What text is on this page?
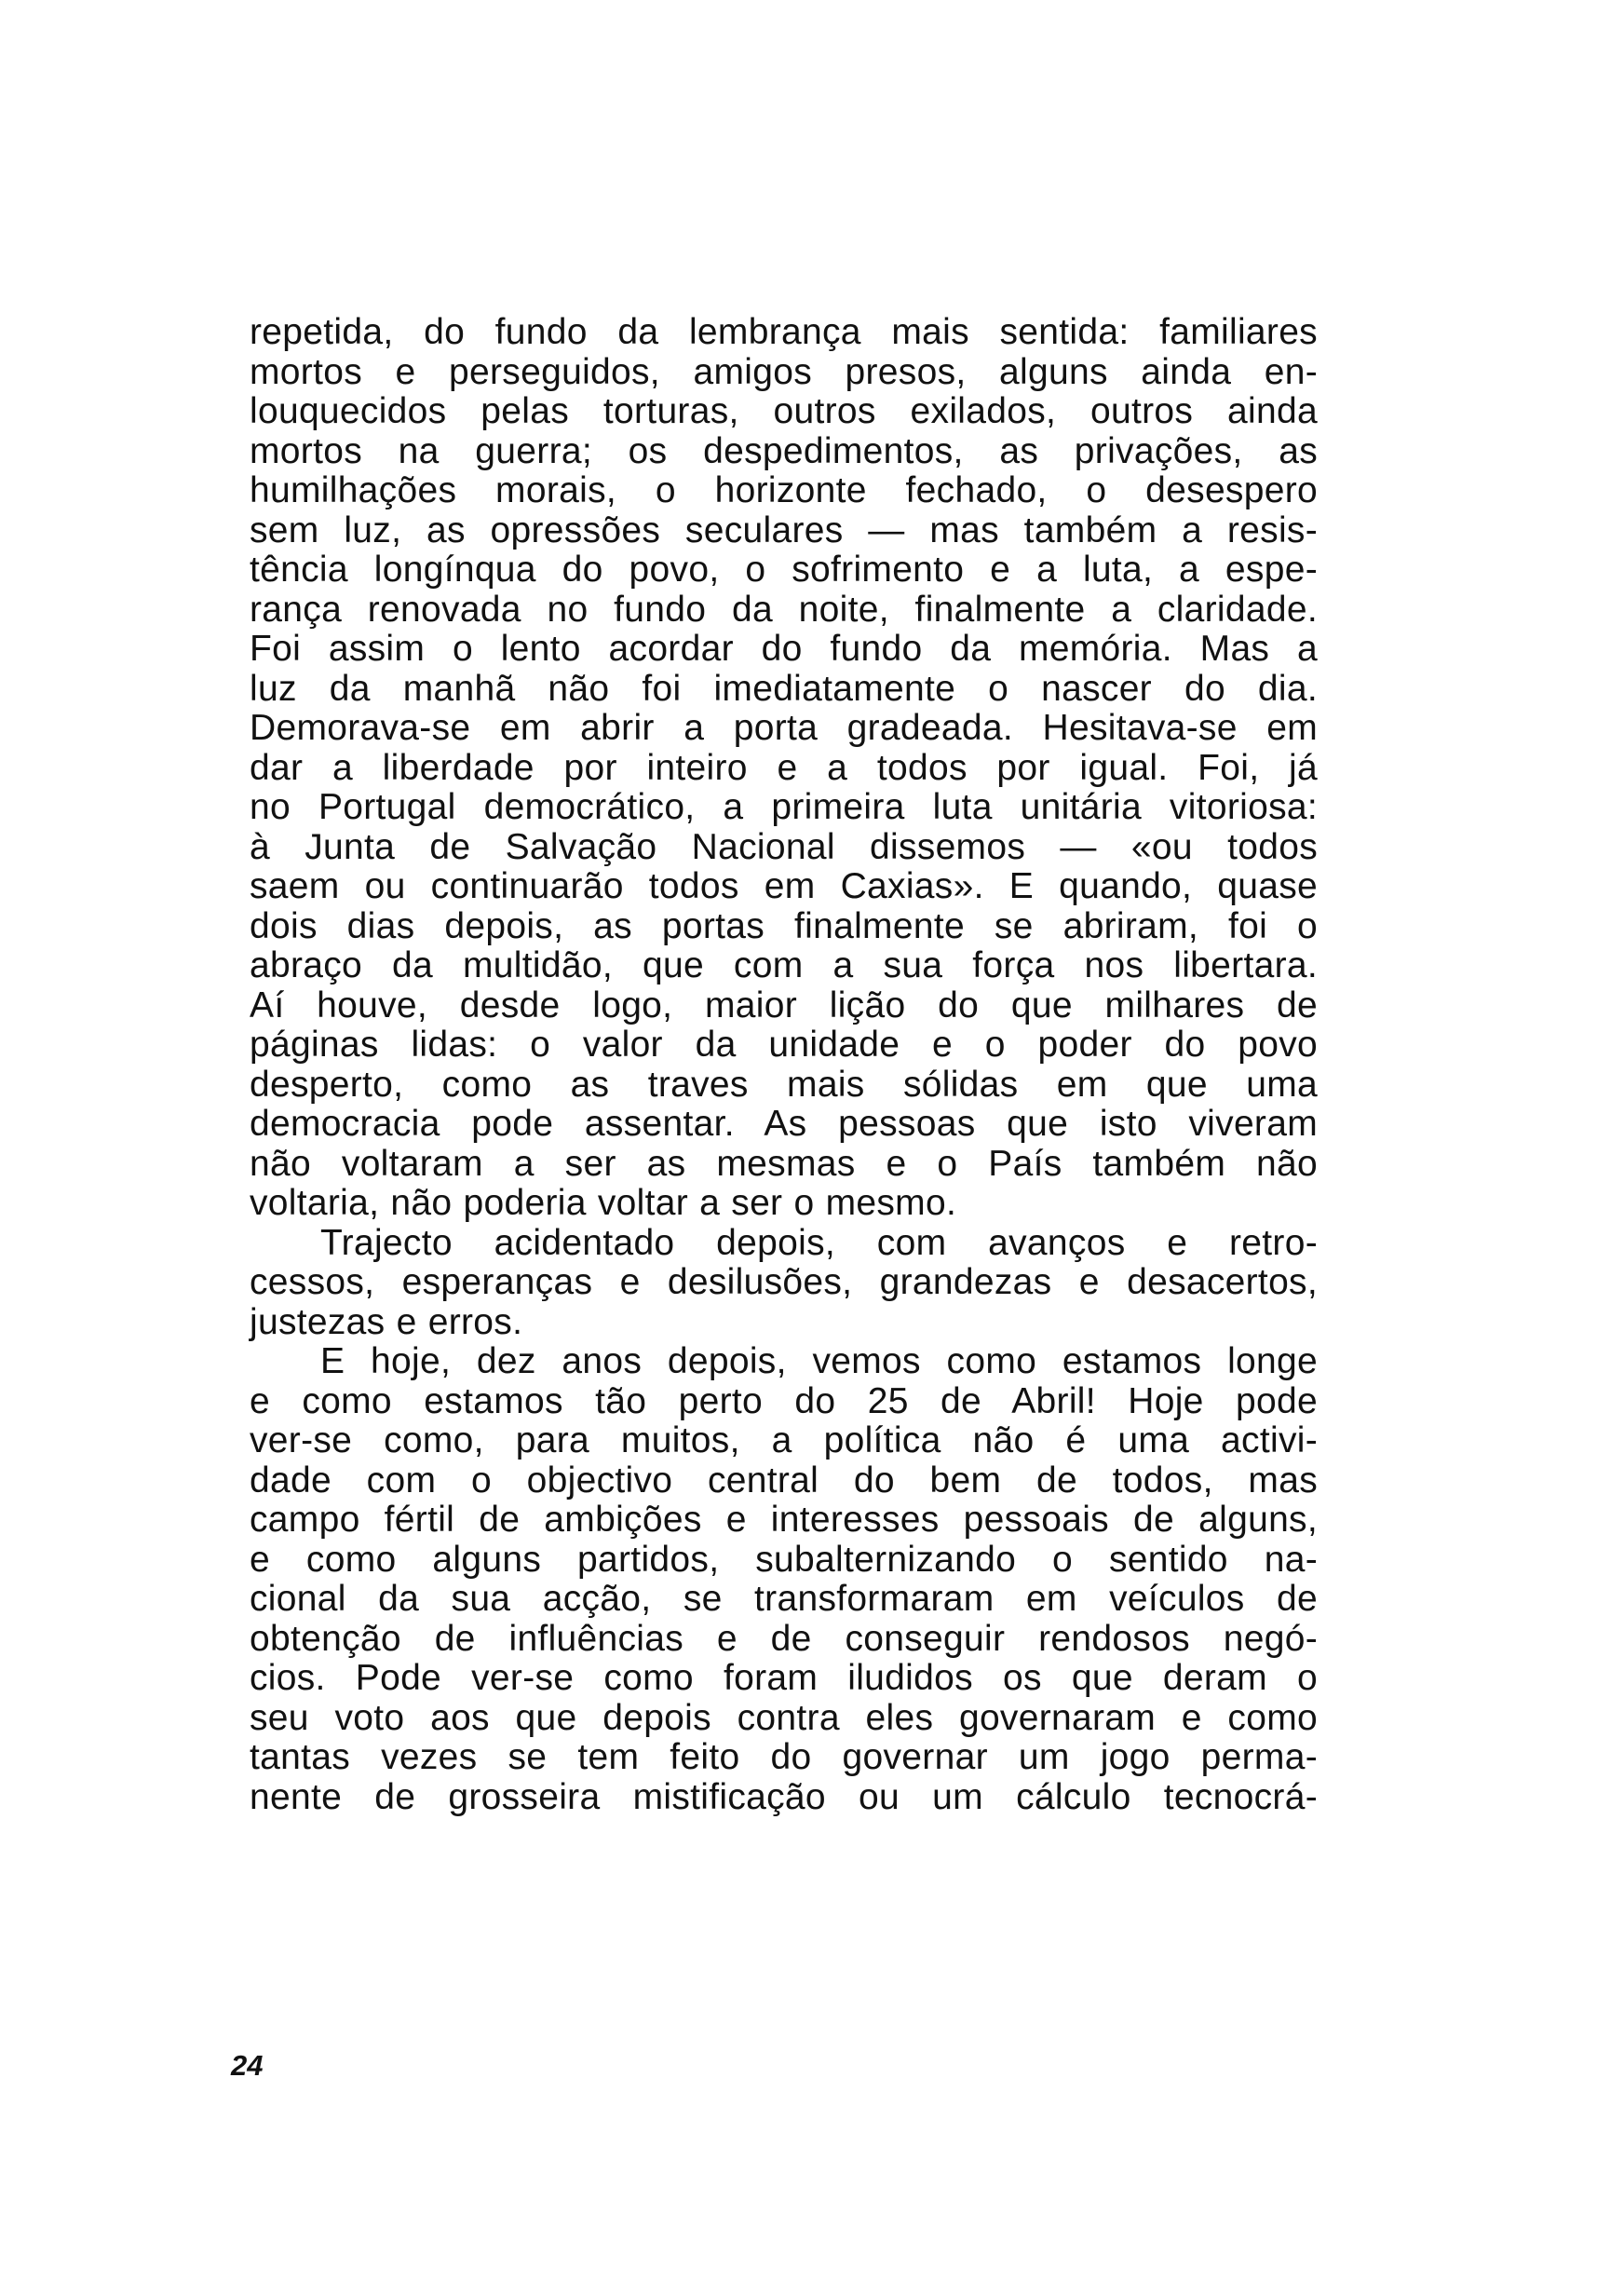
repetida, do fundo da lembrança mais sentida: familiares
mortos e perseguidos, amigos presos, alguns ainda en-
louquecidos pelas torturas, outros exilados, outros ainda
mortos na guerra; os despedimentos, as privações, as
humilhações morais, o horizonte fechado, o desespero
sem luz, as opressões seculares — mas também a resis-
tência longínqua do povo, o sofrimento e a luta, a espe-
rança renovada no fundo da noite, finalmente a claridade.
Foi assim o lento acordar do fundo da memória. Mas a
luz da manhã não foi imediatamente o nascer do dia.
Demorava-se em abrir a porta gradeada. Hesitava-se em
dar a liberdade por inteiro e a todos por igual. Foi, já
no Portugal democrático, a primeira luta unitária vitoriosa:
à Junta de Salvação Nacional dissemos — «ou todos
saem ou continuarão todos em Caxias». E quando, quase
dois dias depois, as portas finalmente se abriram, foi o
abraço da multidão, que com a sua força nos libertara.
Aí houve, desde logo, maior lição do que milhares de
páginas lidas: o valor da unidade e o poder do povo
desperto, como as traves mais sólidas em que uma
democracia pode assentar. As pessoas que isto viveram
não voltaram a ser as mesmas e o País também não
voltaria, não poderia voltar a ser o mesmo.
Trajecto acidentado depois, com avanços e retro-
cessos, esperanças e desilusões, grandezas e desacertos,
justezas e erros.
E hoje, dez anos depois, vemos como estamos longe
e como estamos tão perto do 25 de Abril! Hoje pode
ver-se como, para muitos, a política não é uma activi-
dade com o objectivo central do bem de todos, mas
campo fértil de ambições e interesses pessoais de alguns,
e como alguns partidos, subalternizando o sentido na-
cional da sua acção, se transformaram em veículos de
obtenção de influências e de conseguir rendosos negó-
cios. Pode ver-se como foram iludidos os que deram o
seu voto aos que depois contra eles governaram e como
tantas vezes se tem feito do governar um jogo perma-
nente de grosseira mistificação ou um cálculo tecnocrá-
24
